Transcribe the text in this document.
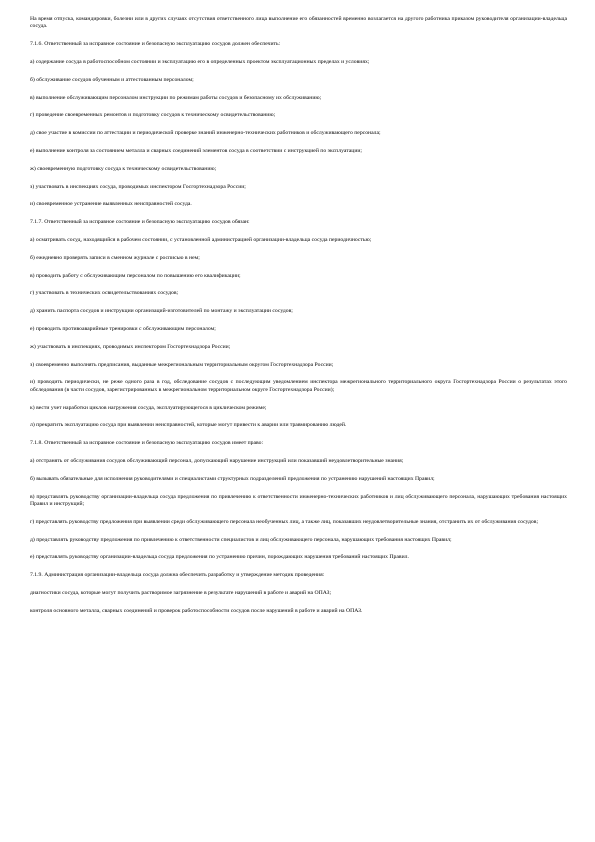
На время отпуска, командировки, болезни или в других случаях отсутствия ответственного лица выполнение его обязанностей временно возлагается на другого работника приказом руководителя организации-владельца сосуда.

7.1.6. Ответственный за исправное состояние и безопасную эксплуатацию сосудов должен обеспечить:

а) содержание сосуда в работоспособном состоянии и эксплуатацию его в определенных проектом эксплуатационных пределах и условиях;

б) обслуживание сосудов обученным и аттестованным персоналом;

в) выполнение обслуживающим персоналом инструкции по режимам работы сосудов и безопасному их обслуживанию;

г) проведение своевременных ремонтов и подготовку сосудов к техническому освидетельствованию;

д) свое участие в комиссии по аттестации и периодической проверке знаний инженерно-технических работников и обслуживающего персонала;

е) выполнение контроля за состоянием металла и сварных соединений элементов сосуда в соответствии с инструкцией по эксплуатации;

ж) своевременную подготовку сосуда к техническому освидетельствованию;

з) участвовать в инспекциях сосуда, проводимых инспектором Госгортехнадзора России;

и) своевременное устранение выявленных неисправностей сосуда.

7.1.7. Ответственный за исправное состояние и безопасную эксплуатацию сосудов обязан:

а) осматривать сосуд, находящийся в рабочем состоянии, с установленной администрацией организации-владельца сосуда периодичностью;

б) ежедневно проверять записи в сменном журнале с росписью в нем;

в) проводить работу с обслуживающим персоналом по повышению его квалификации;

г) участвовать в технических освидетельствованиях сосудов;

д) хранить паспорта сосудов и инструкции организаций-изготовителей по монтажу и эксплуатации сосудов;

е) проводить противоаварийные тренировки с обслуживающим персоналом;

ж) участвовать в инспекциях, проводимых инспектором Госгортехнадзора России;

з) своевременно выполнять предписания, выданные межрегиональным территориальным округом Госгортехнадзора России;

и) проводить периодически, не реже одного раза в год, обследование сосудов с последующим уведомлением инспектора межрегионального территориального округа Госгортехнадзора России о результатах этого обследования (в части сосудов, зарегистрированных в межрегиональном территориальном округе Госгортехнадзора России);

к) вести учет наработки циклов нагружения сосуда, эксплуатирующегося в циклическом режиме;

л) прекратить эксплуатацию сосуда при выявлении неисправностей, которые могут привести к аварии или травмированию людей.

7.1.8. Ответственный за исправное состояние и безопасную эксплуатацию сосудов имеет право:

а) отстранять от обслуживания сосудов обслуживающий персонал, допускающий нарушение инструкций или показавший неудовлетворительные знания;

б) вызывать обязательные для исполнения руководителями и специалистами структурных подразделений предложения по устранению нарушений настоящих Правил;

в) представлять руководству организации-владельца сосуда предложения по привлечению к ответственности инженерно-технических работников и лиц обслуживающего персонала, нарушающих требования настоящих Правил и инструкций;

г) представлять руководству предложения при выявлении среди обслуживающего персонала необученных лиц, а также лиц, показавших неудовлетворительные знания, отстранить их от обслуживания сосудов;

д) представлять руководству предложения по привлечению к ответственности специалистов и лиц обслуживающего персонала, нарушающих требования настоящих Правил;

е) представлять руководству организации-владельца сосуда предложения по устранению причин, порождающих нарушения требований настоящих Правил.

7.1.9. Администрация организации-владельца сосуда должна обеспечить разработку и утверждение методик проведения:

диагностики сосуда, которые могут получить растворимое загрязнение в результате нарушений в работе и аварий на ОПАЗ;

контроля основного металла, сварных соединений и проверок работоспособности сосудов после нарушений в работе и аварий на ОПАЗ.
